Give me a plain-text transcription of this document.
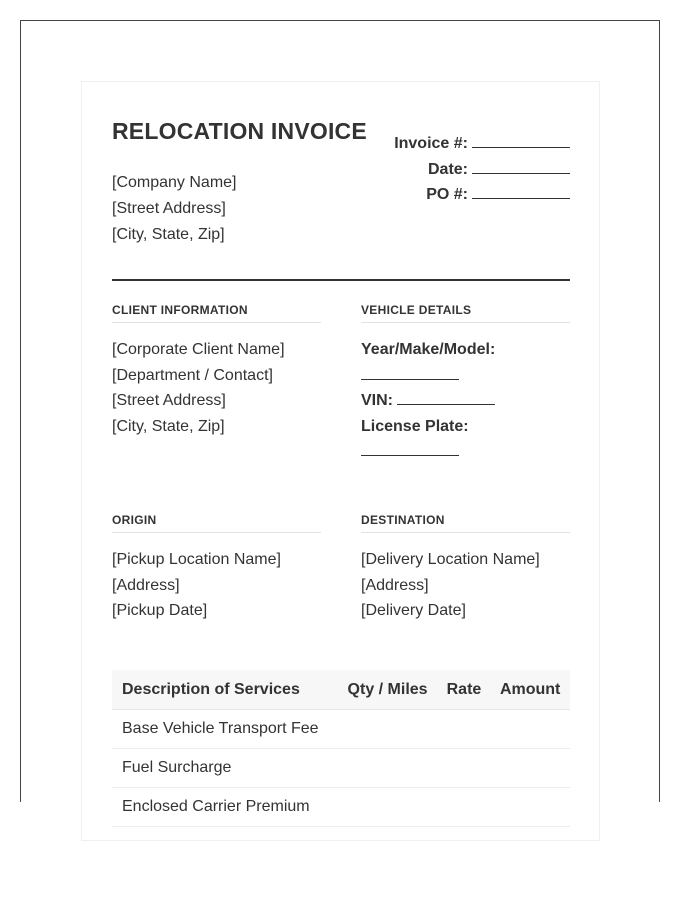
RELOCATION INVOICE
[Company Name]
[Street Address]
[City, State, Zip]
Invoice #:
Date:
PO #:
CLIENT INFORMATION
[Corporate Client Name]
[Department / Contact]
[Street Address]
[City, State, Zip]
VEHICLE DETAILS
Year/Make/Model:
VIN:
License Plate:
ORIGIN
[Pickup Location Name]
[Address]
[Pickup Date]
DESTINATION
[Delivery Location Name]
[Address]
[Delivery Date]
Description of Services	Qty / Miles	Rate	Amount
Base Vehicle Transport Fee			
Fuel Surcharge			
Enclosed Carrier Premium			
